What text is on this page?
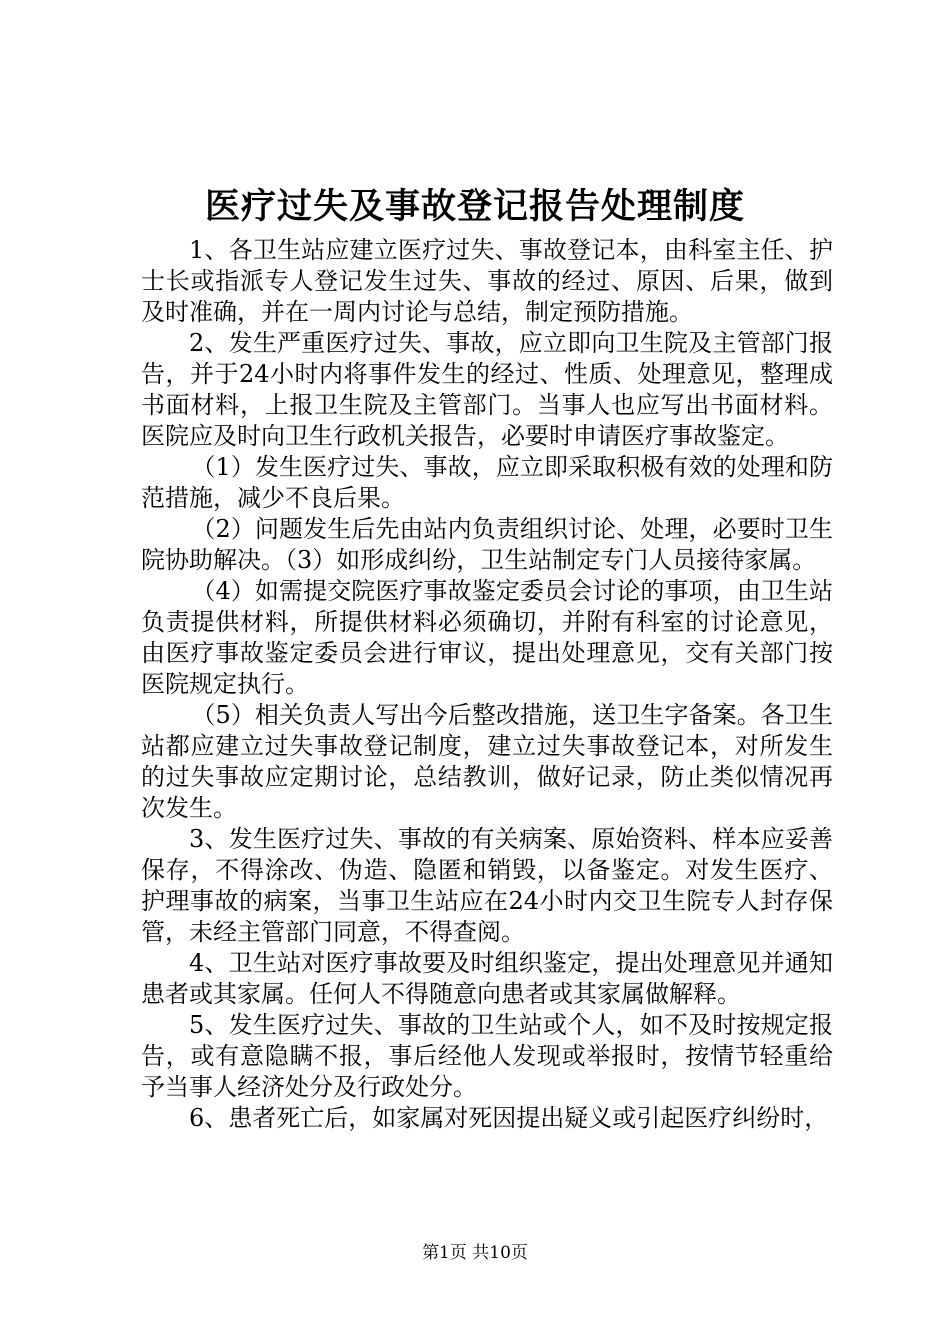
医疗过失及事故登记报告处理制度

1、各卫生站应建立医疗过失、事故登记本，由科室主任、护士长或指派专人登记发生过失、事故的经过、原因、后果，做到及时准确，并在一周内讨论与总结，制定预防措施。

2、发生严重医疗过失、事故，应立即向卫生院及主管部门报告，并于24小时内将事件发生的经过、性质、处理意见，整理成书面材料，上报卫生院及主管部门。当事人也应写出书面材料。医院应及时向卫生行政机关报告，必要时申请医疗事故鉴定。

（1）发生医疗过失、事故，应立即采取积极有效的处理和防范措施，减少不良后果。

（2）问题发生后先由站内负责组织讨论、处理，必要时卫生院协助解决。（3）如形成纠纷，卫生站制定专门人员接待家属。

（4）如需提交院医疗事故鉴定委员会讨论的事项，由卫生站负责提供材料，所提供材料必须确切，并附有科室的讨论意见，由医疗事故鉴定委员会进行审议，提出处理意见，交有关部门按医院规定执行。

（5）相关负责人写出今后整改措施，送卫生字备案。各卫生站都应建立过失事故登记制度，建立过失事故登记本，对所发生的过失事故应定期讨论，总结教训，做好记录，防止类似情况再次发生。

3、发生医疗过失、事故的有关病案、原始资料、样本应妥善保存，不得涂改、伪造、隐匿和销毁，以备鉴定。对发生医疗、护理事故的病案，当事卫生站应在24小时内交卫生院专人封存保管，未经主管部门同意，不得查阅。

4、卫生站对医疗事故要及时组织鉴定，提出处理意见并通知患者或其家属。任何人不得随意向患者或其家属做解释。

5、发生医疗过失、事故的卫生站或个人，如不及时按规定报告，或有意隐瞒不报，事后经他人发现或举报时，按情节轻重给予当事人经济处分及行政处分。

6、患者死亡后，如家属对死因提出疑义或引起医疗纠纷时，

第1页 共10页
